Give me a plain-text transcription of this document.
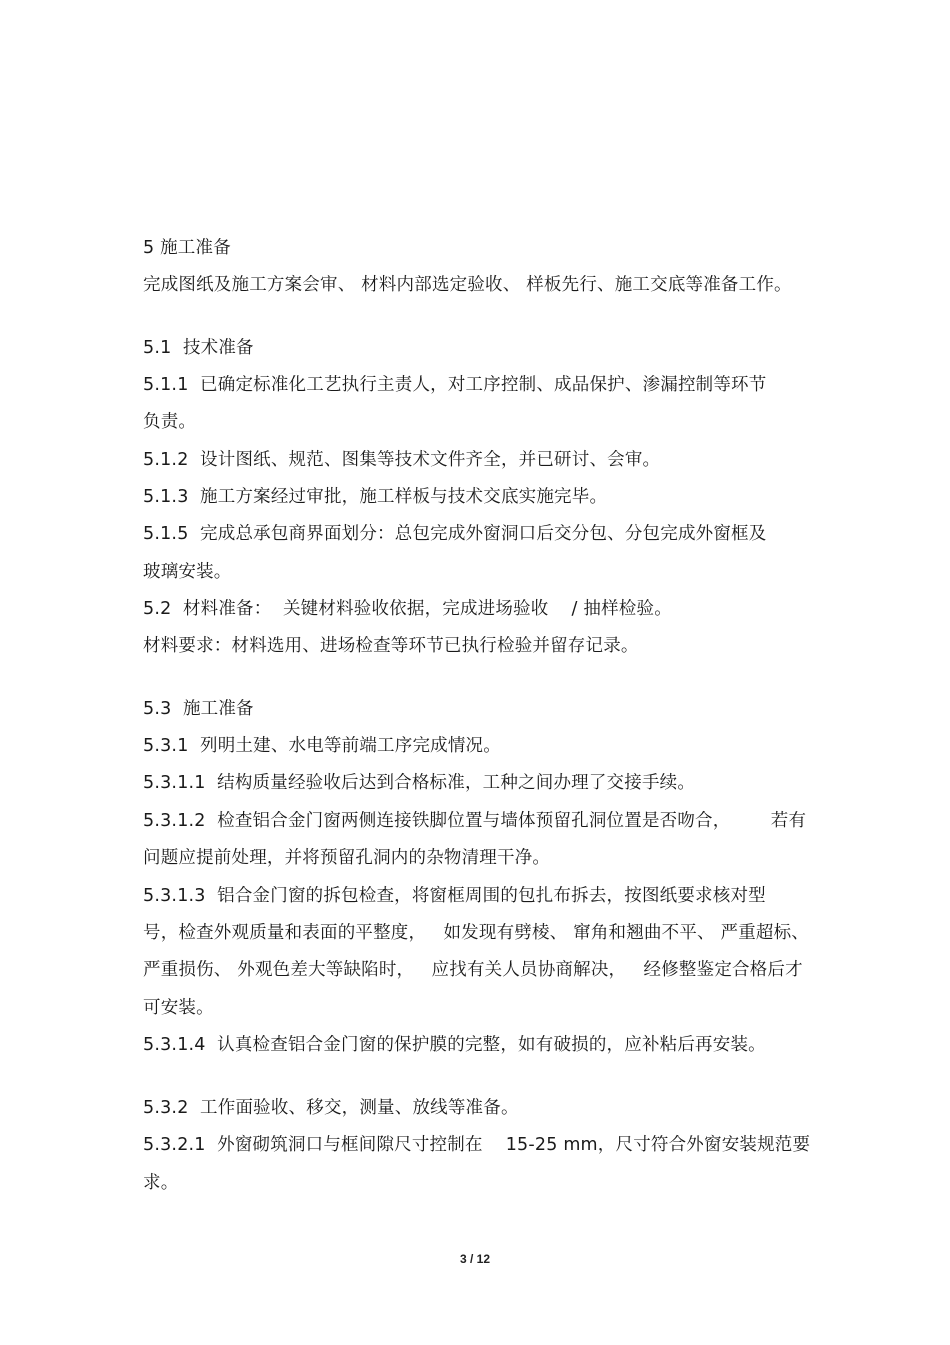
5 施工准备
完成图纸及施工方案会审、 材料内部选定验收、 样板先行、施工交底等准备工作。
5.1  技术准备
5.1.1  已确定标准化工艺执行主责人，对工序控制、成品保护、渗漏控制等环节
负责。
5.1.2  设计图纸、规范、图集等技术文件齐全，并已研讨、会审。
5.1.3  施工方案经过审批，施工样板与技术交底实施完毕。
5.1.5  完成总承包商界面划分：总包完成外窗洞口后交分包、分包完成外窗框及
玻璃安装。
5.2  材料准备：  关键材料验收依据，完成进场验收    / 抽样检验。
材料要求：材料选用、进场检查等环节已执行检验并留存记录。
5.3  施工准备
5.3.1  列明土建、水电等前端工序完成情况。
5.3.1.1  结构质量经验收后达到合格标准，工种之间办理了交接手续。
5.3.1.2  检查铝合金门窗两侧连接铁脚位置与墙体预留孔洞位置是否吻合，       若有
问题应提前处理，并将预留孔洞内的杂物清理干净。
5.3.1.3  铝合金门窗的拆包检查，将窗框周围的包扎布拆去，按图纸要求核对型
号，检查外观质量和表面的平整度，   如发现有劈棱、 窜角和翘曲不平、 严重超标、
严重损伤、 外观色差大等缺陷时，   应找有关人员协商解决，   经修整鉴定合格后才
可安装。
5.3.1.4  认真检查铝合金门窗的保护膜的完整，如有破损的，应补粘后再安装。
5.3.2  工作面验收、移交，测量、放线等准备。
5.3.2.1  外窗砌筑洞口与框间隙尺寸控制在    15-25 mm，尺寸符合外窗安装规范要
求。
3 / 12
